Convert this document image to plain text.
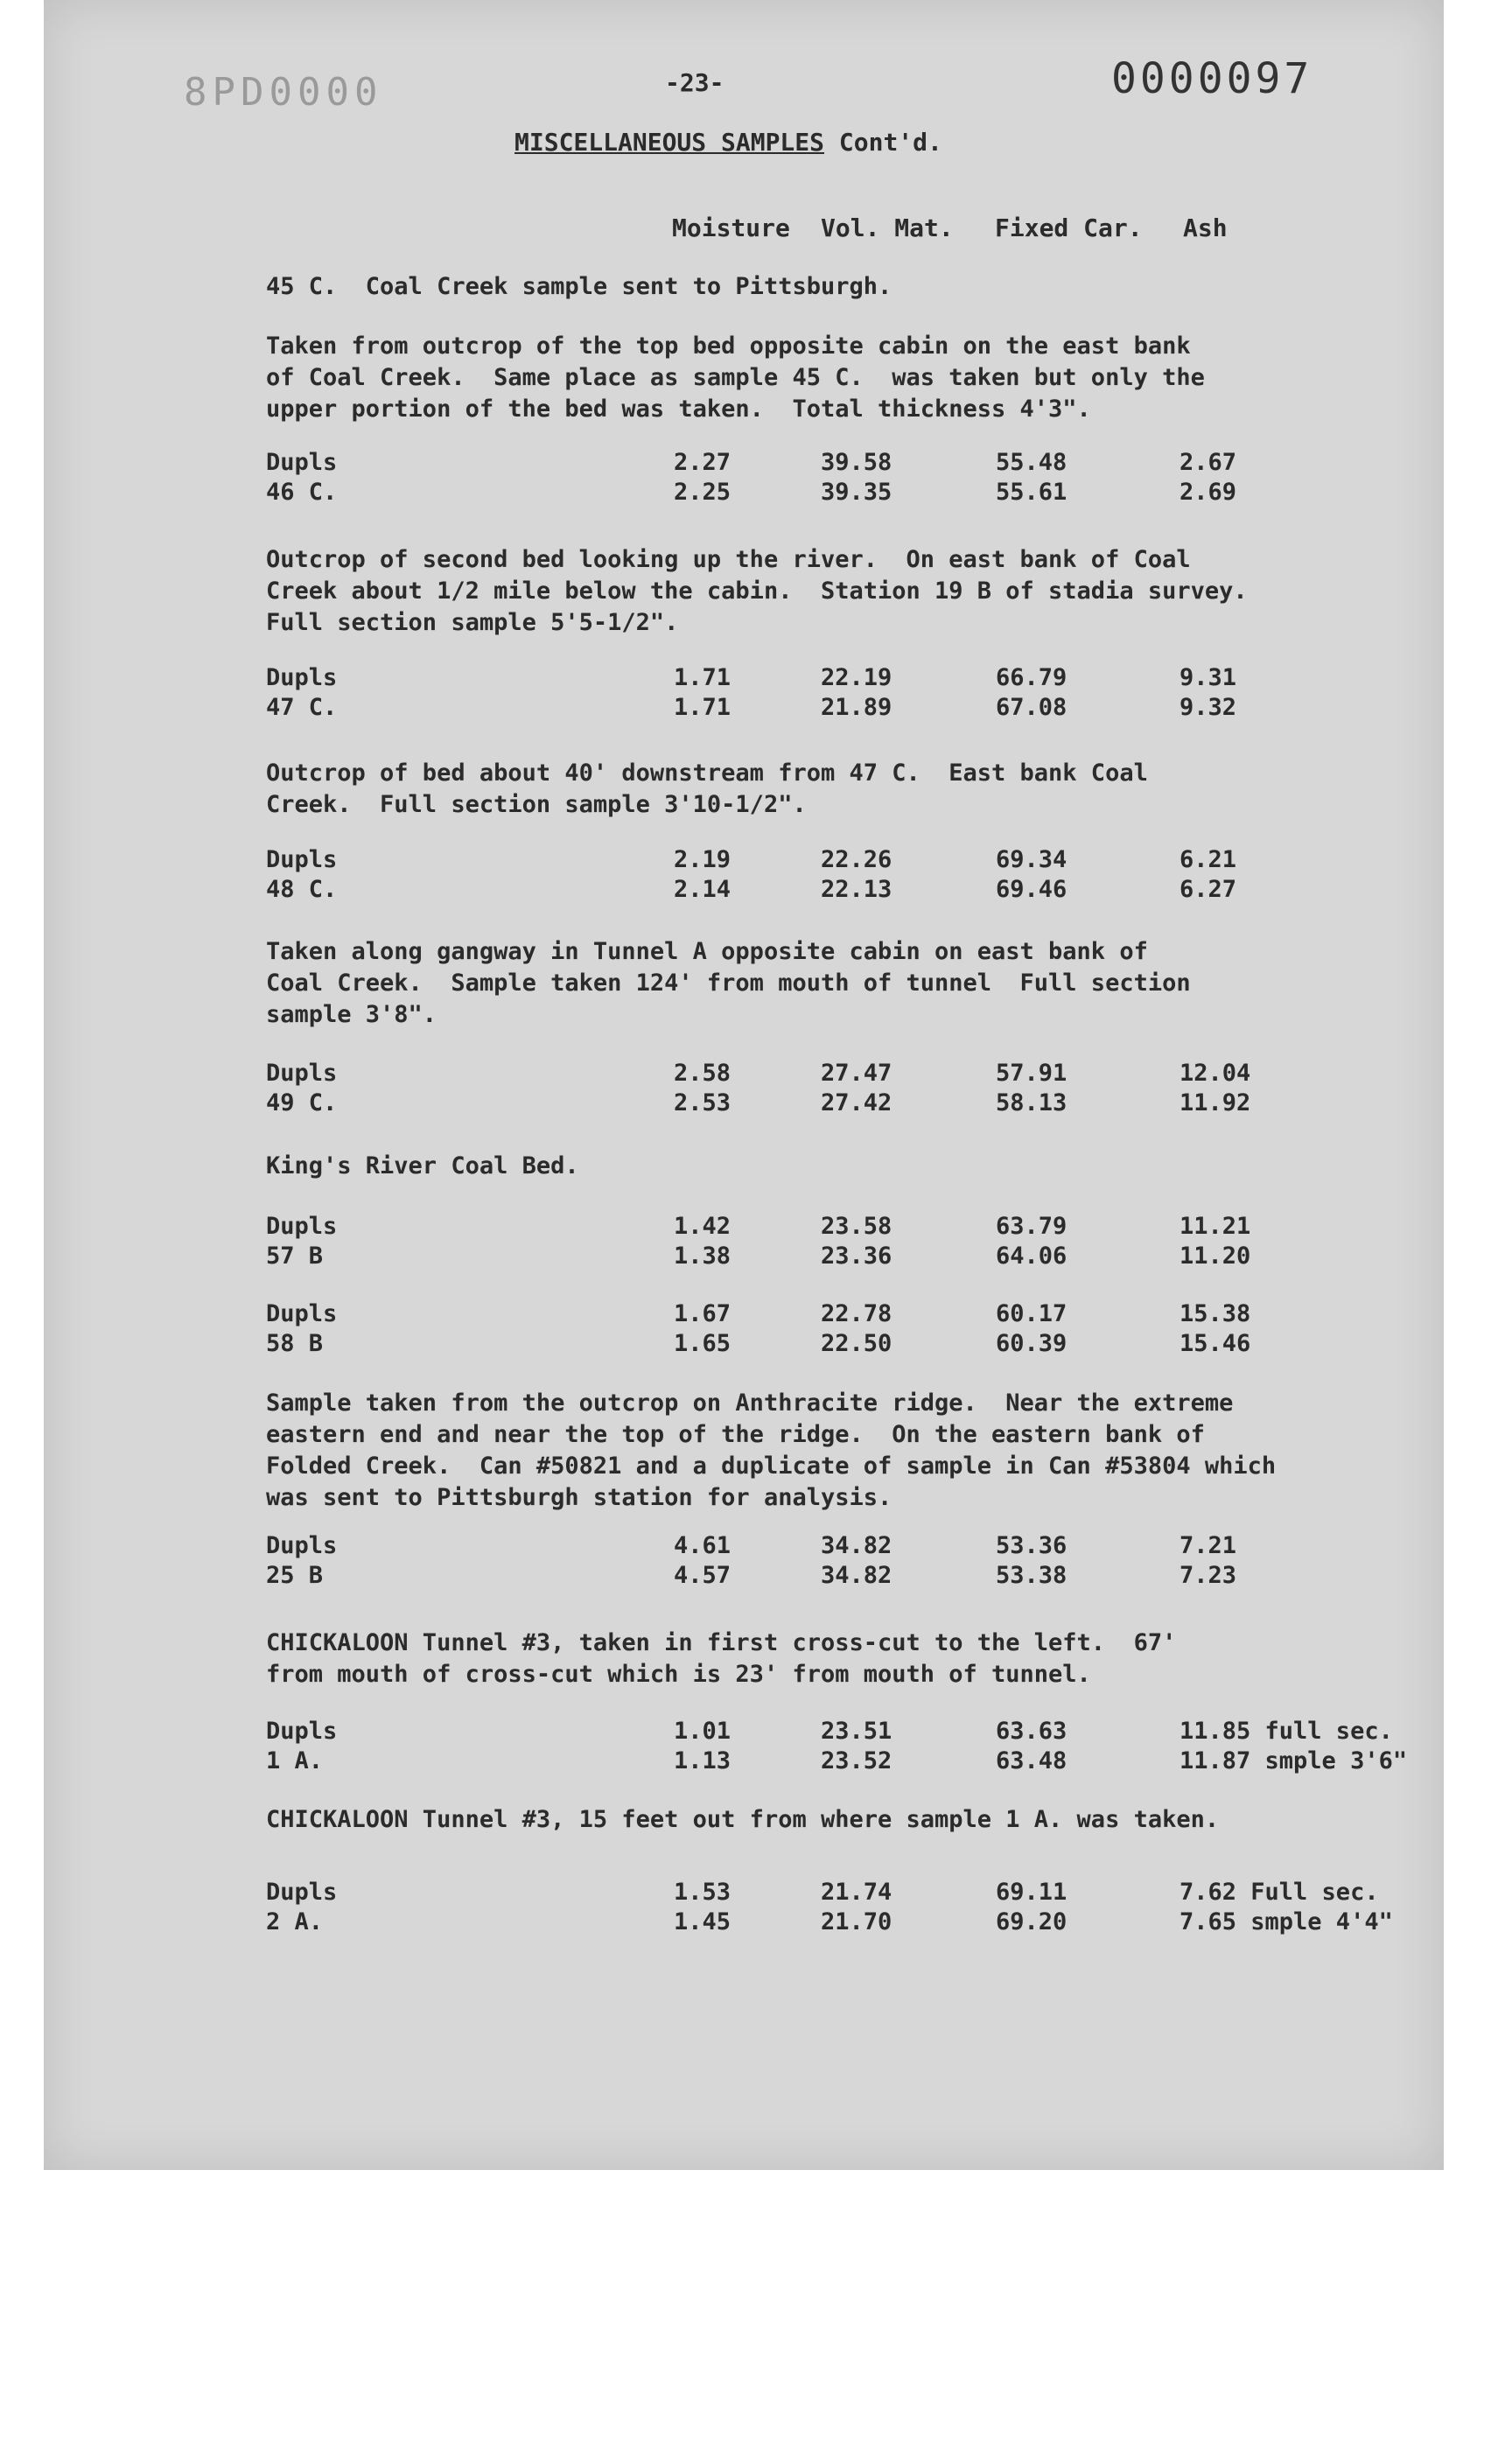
8PD0000	-23-	0000097
MISCELLANEOUS SAMPLES Cont'd.
Moisture Vol. Mat. Fixed Car. Ash
45 C.  Coal Creek sample sent to Pittsburgh.
Taken from outcrop of the top bed opposite cabin on the east bank
of Coal Creek.  Same place as sample 45 C.  was taken but only the
upper portion of the bed was taken.  Total thickness 4'3".
Dupls	2.27	39.58	55.48	2.67
46 C.	2.25	39.35	55.61	2.69
Outcrop of second bed looking up the river.  On east bank of Coal
Creek about 1/2 mile below the cabin.  Station 19 B of stadia survey.
Full section sample 5'5-1/2".
Dupls	1.71	22.19	66.79	9.31
47 C.	1.71	21.89	67.08	9.32
Outcrop of bed about 40' downstream from 47 C.  East bank Coal
Creek.  Full section sample 3'10-1/2".
Dupls	2.19	22.26	69.34	6.21
48 C.	2.14	22.13	69.46	6.27
Taken along gangway in Tunnel A opposite cabin on east bank of
Coal Creek.  Sample taken 124' from mouth of tunnel  Full section
sample 3'8".
Dupls	2.58	27.47	57.91	12.04
49 C.	2.53	27.42	58.13	11.92
King's River Coal Bed.
Dupls	1.42	23.58	63.79	11.21
57 B	1.38	23.36	64.06	11.20
Dupls	1.67	22.78	60.17	15.38
58 B	1.65	22.50	60.39	15.46
Sample taken from the outcrop on Anthracite ridge.  Near the extreme
eastern end and near the top of the ridge.  On the eastern bank of
Folded Creek.  Can #50821 and a duplicate of sample in Can #53804 which
was sent to Pittsburgh station for analysis.
Dupls	4.61	34.82	53.36	7.21
25 B	4.57	34.82	53.38	7.23
CHICKALOON Tunnel #3, taken in first cross-cut to the left.  67'
from mouth of cross-cut which is 23' from mouth of tunnel.
Dupls	1.01	23.51	63.63	11.85 full sec.
1 A.	1.13	23.52	63.48	11.87 smple 3'6"
CHICKALOON Tunnel #3, 15 feet out from where sample 1 A. was taken.
Dupls	1.53	21.74	69.11	7.62 Full sec.
2 A.	1.45	21.70	69.20	7.65 smple 4'4"
